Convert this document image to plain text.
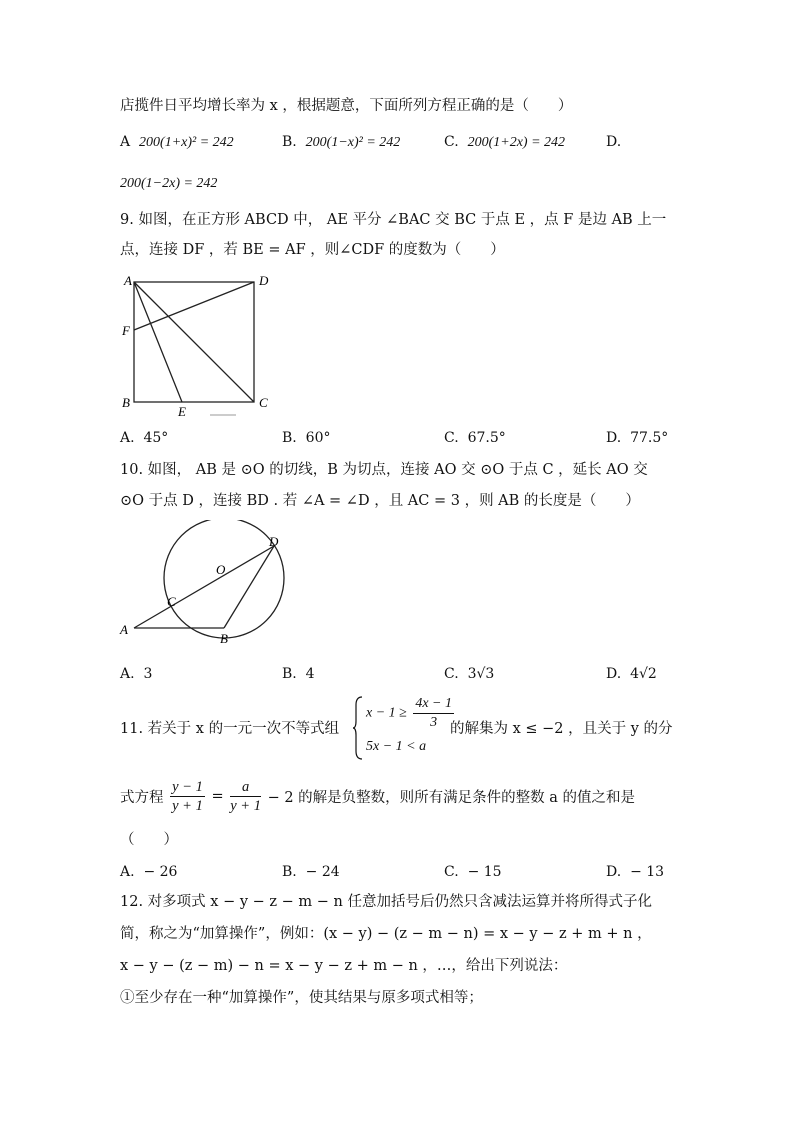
店揽件日平均增长率为 x ，根据题意，下面所列方程正确的是（　　）
A 200(1+x)² = 242	B. 200(1−x)² = 242	C. 200(1+2x) = 242	D.
200(1−2x) = 242
9. 如图，在正方形 ABCD 中， AE 平分 ∠BAC 交 BC 于点 E ，点 F 是边 AB 上一
点，连接 DF ，若 BE = AF ，则∠CDF 的度数为（　　）
A	D
F
B
E
C
A. 45°	B. 60°	C. 67.5°	D. 77.5°
10. 如图， AB 是 ⊙O 的切线，B 为切点，连接 AO 交 ⊙O 于点 C ，延长 AO 交
⊙O 于点 D ，连接 BD . 若 ∠A = ∠D ，且 AC = 3 ，则 AB 的长度是（　　）
D
O
C
A
B
A. 3	B. 4	C. 3√3	D. 4√2
11. 若关于 x 的一元一次不等式组
$x - 1 \ge \frac{4x - 1}{3}$
5x − 1 < a
的解集为 x ≤ −2 ，且关于 y 的分
式方程 $\frac{y - 1}{y + 1} = \frac{a}{y + 1} - 2$ 的解是负整数，则所有满足条件的整数 a 的值之和是
（　　）
A. − 26	B. − 24	C. − 15	D. − 13
12. 对多项式 x − y − z − m − n 任意加括号后仍然只含减法运算并将所得式子化
简，称之为“加算操作”，例如：(x − y) − (z − m − n) = x − y − z + m + n ，
x − y − (z − m) − n = x − y − z + m − n ，…，给出下列说法：
①至少存在一种“加算操作”，使其结果与原多项式相等；
